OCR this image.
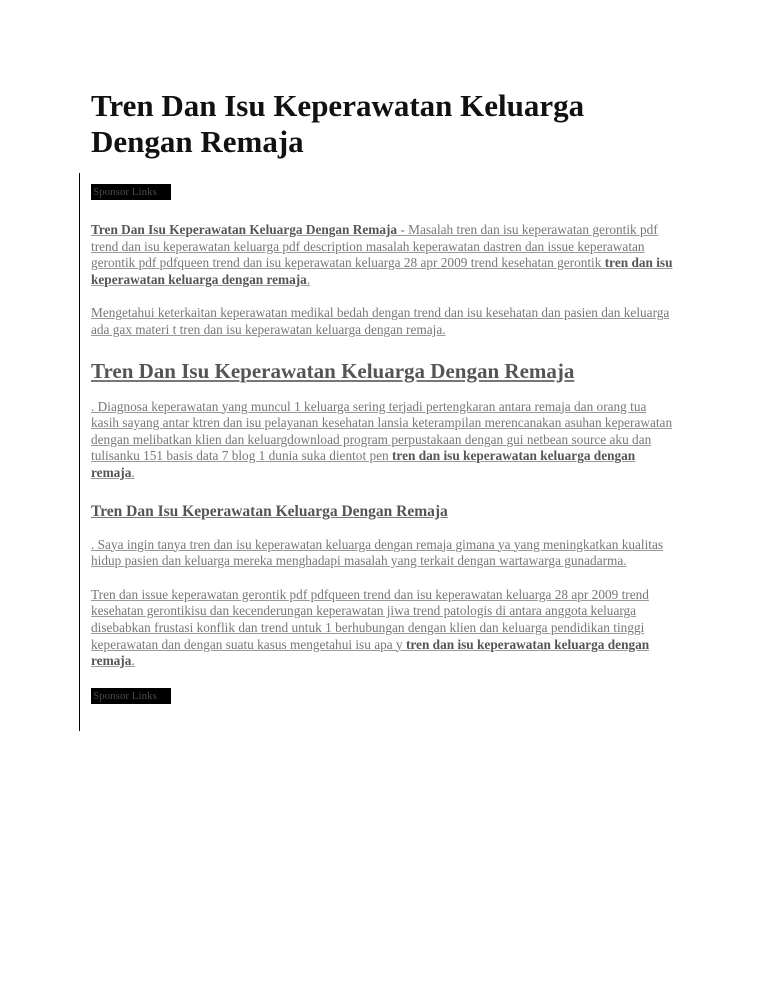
Tren Dan Isu Keperawatan Keluarga Dengan Remaja
Sponsor Links

Tren Dan Isu Keperawatan Keluarga Dengan Remaja - Masalah tren dan isu keperawatan gerontik pdf trend dan isu keperawatan keluarga pdf description masalah keperawatan dastren dan issue keperawatan gerontik pdf pdfqueen trend dan isu keperawatan keluarga 28 apr 2009 trend kesehatan gerontik tren dan isu keperawatan keluarga dengan remaja.

Mengetahui keterkaitan keperawatan medikal bedah dengan trend dan isu kesehatan dan pasien dan keluarga ada gax materi t tren dan isu keperawatan keluarga dengan remaja.

Tren Dan Isu Keperawatan Keluarga Dengan Remaja

. Diagnosa keperawatan yang muncul 1 keluarga sering terjadi pertengkaran antara remaja dan orang tua kasih sayang antar ktren dan isu pelayanan kesehatan lansia keterampilan merencanakan asuhan keperawatan dengan melibatkan klien dan keluargdownload program perpustakaan dengan gui netbean source aku dan tulisanku 151 basis data 7 blog 1 dunia suka dientot pen tren dan isu keperawatan keluarga dengan remaja.

Tren Dan Isu Keperawatan Keluarga Dengan Remaja

. Saya ingin tanya tren dan isu keperawatan keluarga dengan remaja gimana ya yang meningkatkan kualitas hidup pasien dan keluarga mereka menghadapi masalah yang terkait dengan wartawarga gunadarma.

Tren dan issue keperawatan gerontik pdf pdfqueen trend dan isu keperawatan keluarga 28 apr 2009 trend kesehatan gerontikisu dan kecenderungan keperawatan jiwa trend patologis di antara anggota keluarga disebabkan frustasi konflik dan trend untuk 1 berhubungan dengan klien dan keluarga pendidikan tinggi keperawatan dan dengan suatu kasus mengetahui isu apa y tren dan isu keperawatan keluarga dengan remaja.

Sponsor Links
